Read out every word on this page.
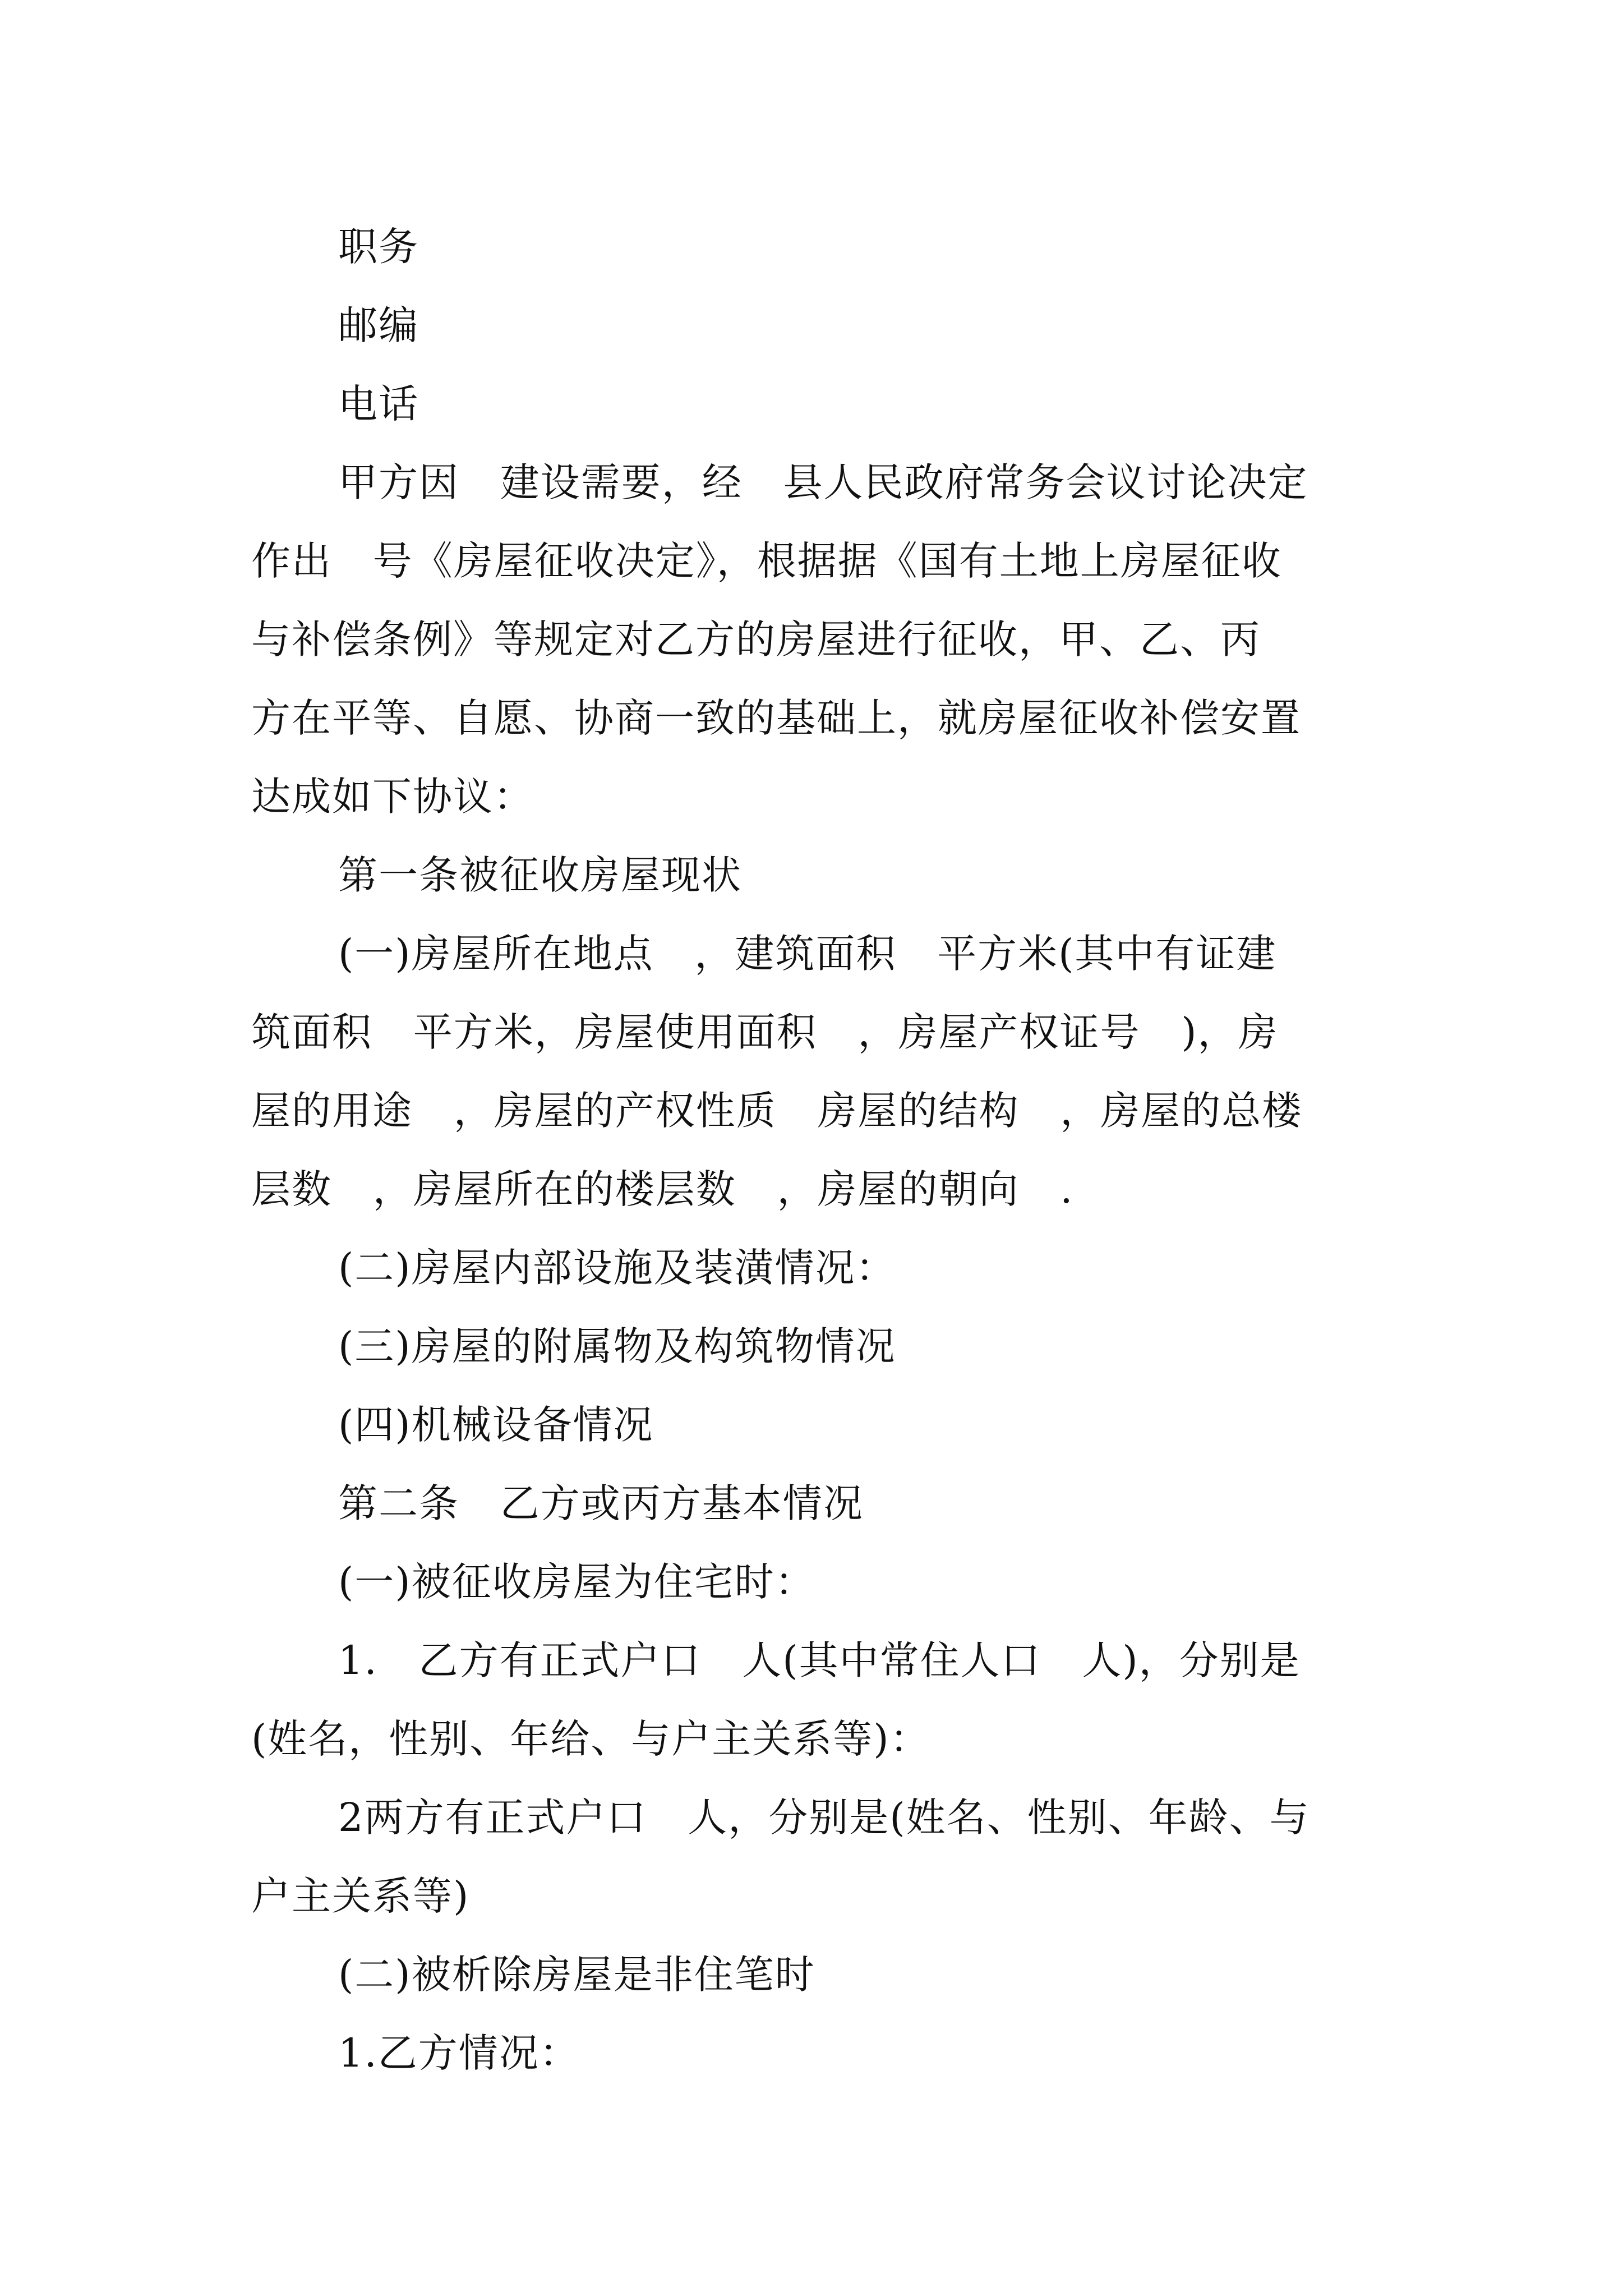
职务
邮编
电话
甲方因   建设需要，经   县人民政府常务会议讨论决定
作出   号《房屋征收决定》，根据据《国有土地上房屋征收
与补偿条例》等规定对乙方的房屋进行征收，甲、乙、丙
方在平等、自愿、协商一致的基础上，就房屋征收补偿安置
达成如下协议：
第一条被征收房屋现状
(一)房屋所在地点   ，建筑面积   平方米(其中有证建
筑面积   平方米，房屋使用面积   ，房屋产权证号   )，房
屋的用途   ，房屋的产权性质   房屋的结构   ，房屋的总楼
层数   ，房屋所在的楼层数   ，房屋的朝向   .
(二)房屋内部设施及装潢情况：
(三)房屋的附属物及构筑物情况
(四)机械设备情况
第二条   乙方或丙方基本情况
(一)被征收房屋为住宅时：
1.   乙方有正式户口   人(其中常住人口   人)，分别是
(姓名，性别、年给、与户主关系等)：
2两方有正式户口   人，分别是(姓名、性别、年龄、与
户主关系等)
(二)被析除房屋是非住笔时
1.乙方情况：
